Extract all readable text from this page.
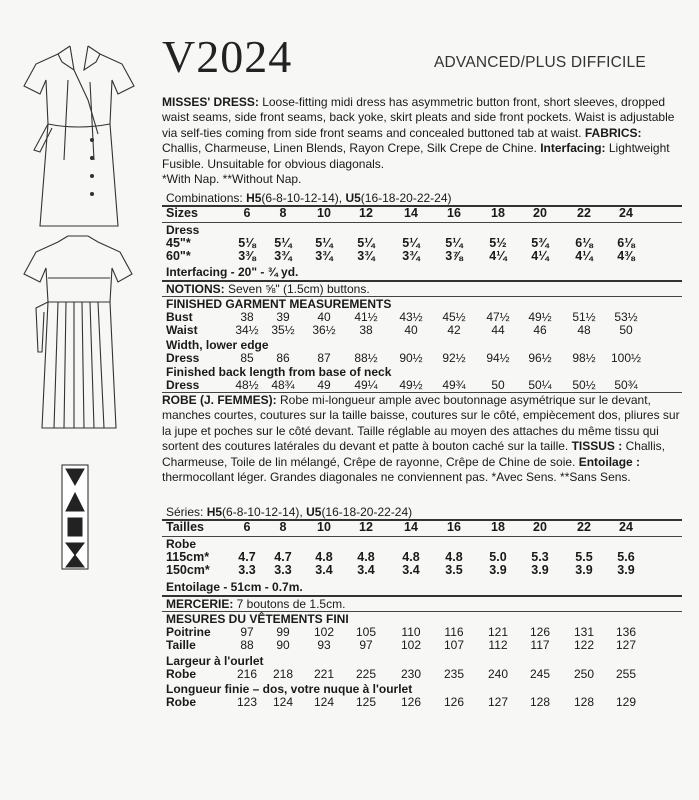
V2024	ADVANCED/PLUS DIFFICILE
MISSES' DRESS: Loose-fitting midi dress has asymmetric button front, short sleeves, dropped waist seams, side front seams, back yoke, skirt pleats and side front pockets. Waist is adjustable via self-ties coming from side front seams and concealed buttoned tab at waist. FABRICS: Challis, Charmeuse, Linen Blends, Rayon Crepe, Silk Crepe de Chine. Interfacing: Lightweight Fusible. Unsuitable for obvious diagonals.
*With Nap. **Without Nap.
Combinations: H5(6-8-10-12-14), U5(16-18-20-22-24)
Sizes	6	8	10	12	14	16	18	20	22	24
Dress
45"*	5⅛	5¼	5¼	5¼	5¼	5¼	5½	5¾	6⅛	6⅛
60"*	3⅜	3¾	3¾	3¾	3¾	3⅞	4¼	4¼	4¼	4⅜
Interfacing - 20" - ¾ yd.
NOTIONS: Seven ⅝" (1.5cm) buttons.
FINISHED GARMENT MEASUREMENTS
Bust	38	39	40	41½	43½	45½	47½	49½	51½	53½
Waist	34½	35½	36½	38	40	42	44	46	48	50
Width, lower edge
Dress	85	86	87	88½	90½	92½	94½	96½	98½	100½
Finished back length from base of neck
Dress	48½	48¾	49	49¼	49½	49¾	50	50¼	50½	50¾
ROBE (J. FEMMES): Robe mi-longueur ample avec boutonnage asymétrique sur le devant, manches courtes, coutures sur la taille baisse, coutures sur le côté, empiècement dos, pliures sur la jupe et poches sur le côté devant. Taille réglable au moyen des attaches du même tissu qui sortent des coutures latérales du devant et patte à bouton caché sur la taille. TISSUS : Challis, Charmeuse, Toile de lin mélangé, Crêpe de rayonne, Crêpe de Chine de soie. Entoilage : thermocollant léger. Grandes diagonales ne conviennent pas. *Avec Sens. **Sans Sens.
Séries: H5(6-8-10-12-14), U5(16-18-20-22-24)
Tailles	6	8	10	12	14	16	18	20	22	24
Robe
115cm*	4.7	4.7	4.8	4.8	4.8	4.8	5.0	5.3	5.5	5.6
150cm*	3.3	3.3	3.4	3.4	3.4	3.5	3.9	3.9	3.9	3.9
Entoilage - 51cm - 0.7m.
MERCERIE: 7 boutons de 1.5cm.
MESURES DU VÊTEMENTS FINI
Poitrine	97	99	102	105	110	116	121	126	131	136
Taille	88	90	93	97	102	107	112	117	122	127
Largeur à l'ourlet
Robe	216	218	221	225	230	235	240	245	250	255
Longueur finie – dos, votre nuque à l'ourlet
Robe	123	124	124	125	126	126	127	128	128	129
